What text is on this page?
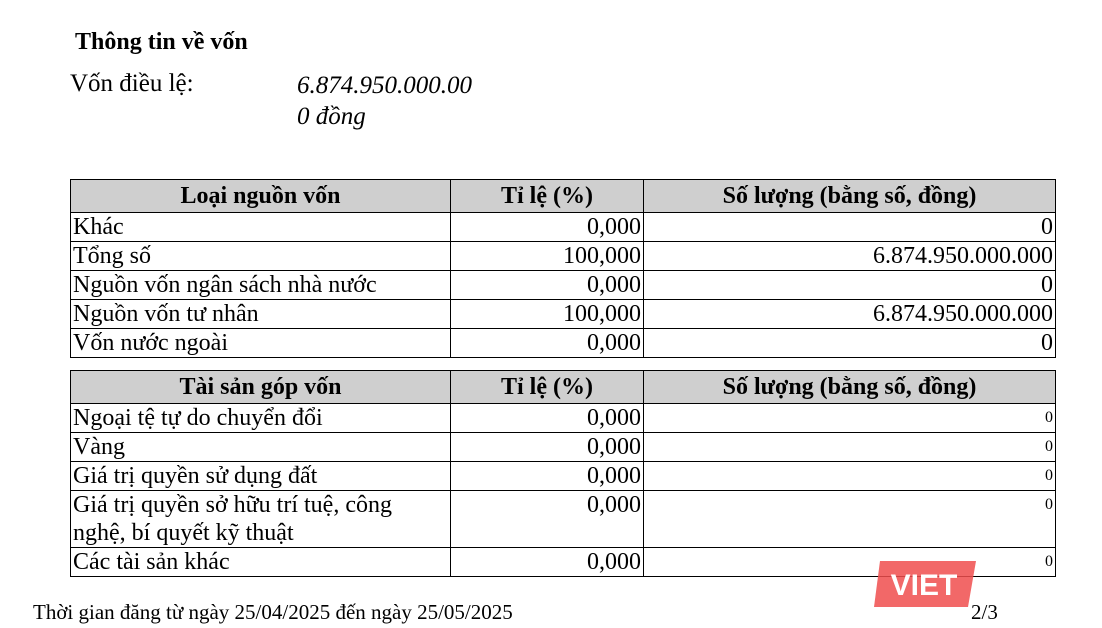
Thông tin về vốn
Vốn điều lệ:	6.874.950.000.00
0 đồng
Loại nguồn vốn	Tỉ lệ (%)	Số lượng (bằng số, đồng)
Khác	0,000	0
Tổng số	100,000	6.874.950.000.000
Nguồn vốn ngân sách nhà nước	0,000	0
Nguồn vốn tư nhân	100,000	6.874.950.000.000
Vốn nước ngoài	0,000	0
Tài sản góp vốn	Tỉ lệ (%)	Số lượng (bằng số, đồng)
Ngoại tệ tự do chuyển đổi	0,000	0
Vàng	0,000	0
Giá trị quyền sử dụng đất	0,000	0
Giá trị quyền sở hữu trí tuệ, công nghệ, bí quyết kỹ thuật	0,000	0
Các tài sản khác	0,000	0
Thời gian đăng từ ngày 25/04/2025 đến ngày 25/05/2025	2/3
VIET
